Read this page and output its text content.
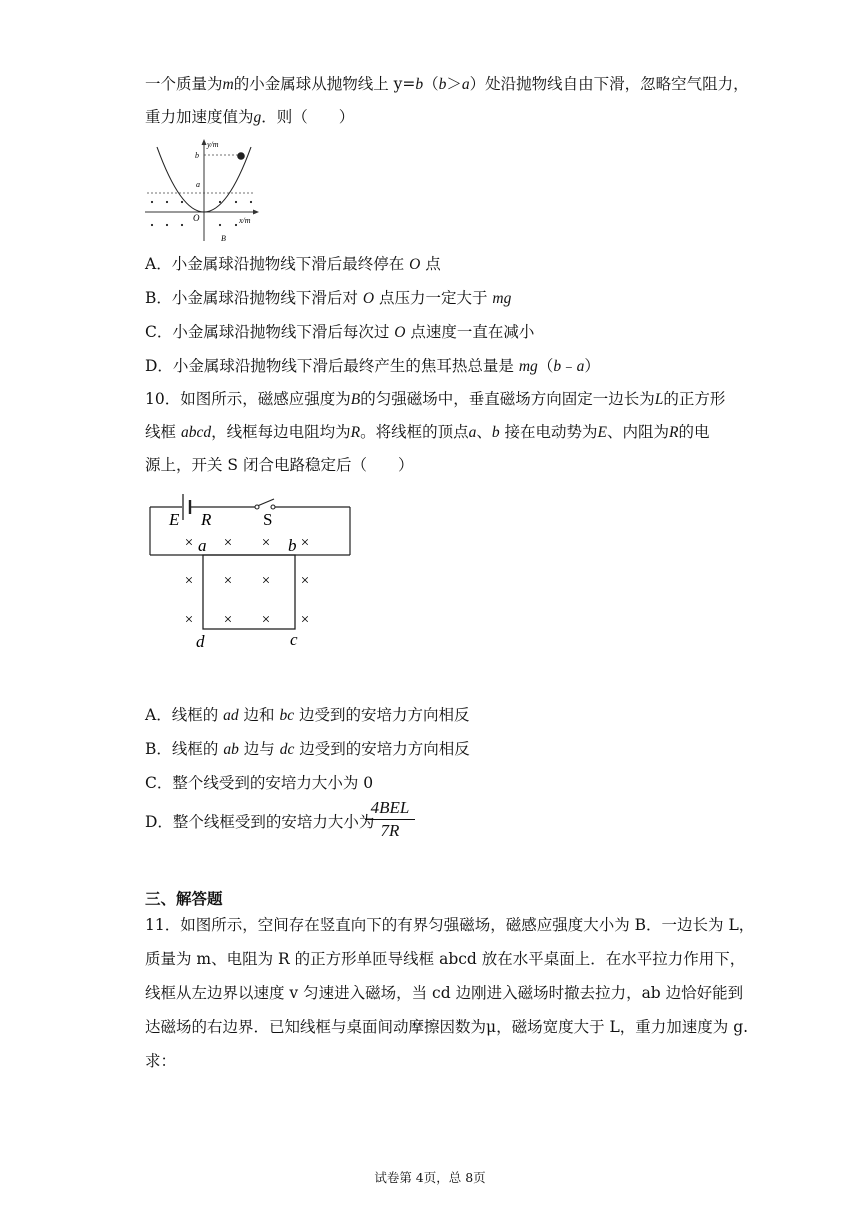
一个质量为m的小金属球从抛物线上 y=b（b＞a）处沿抛物线自由下滑，忽略空气阻力，
重力加速度值为g．则（　　）
y/m
x/m
b
a
O
B
A．小金属球沿抛物线下滑后最终停在 O 点
B．小金属球沿抛物线下滑后对 O 点压力一定大于 mg
C．小金属球沿抛物线下滑后每次过 O 点速度一直在减小
D．小金属球沿抛物线下滑后最终产生的焦耳热总量是 mg（b﹣a）
10．如图所示，磁感应强度为B的匀强磁场中，垂直磁场方向固定一边长为L的正方形
线框 abcd，线框每边电阻均为R。将线框的顶点a、b 接在电动势为E、内阻为R的电
源上，开关 S 闭合电路稳定后（　　）
E R	S
a	b
d	c
× × × ×
× × × ×
× × × ×
A．线框的 ad 边和 bc 边受到的安培力方向相反
B．线框的 ab 边与 dc 边受到的安培力方向相反
C．整个线受到的安培力大小为 0
D．整个线框受到的安培力大小为
4BEL
7R
三、解答题
11．如图所示，空间存在竖直向下的有界匀强磁场，磁感应强度大小为 B．一边长为 L，
质量为 m、电阻为 R 的正方形单匝导线框 abcd 放在水平桌面上．在水平拉力作用下，
线框从左边界以速度 v 匀速进入磁场，当 cd 边刚进入磁场时撤去拉力，ab 边恰好能到
达磁场的右边界．已知线框与桌面间动摩擦因数为μ，磁场宽度大于 L，重力加速度为 g.
求：
试卷第 4页，总 8页
